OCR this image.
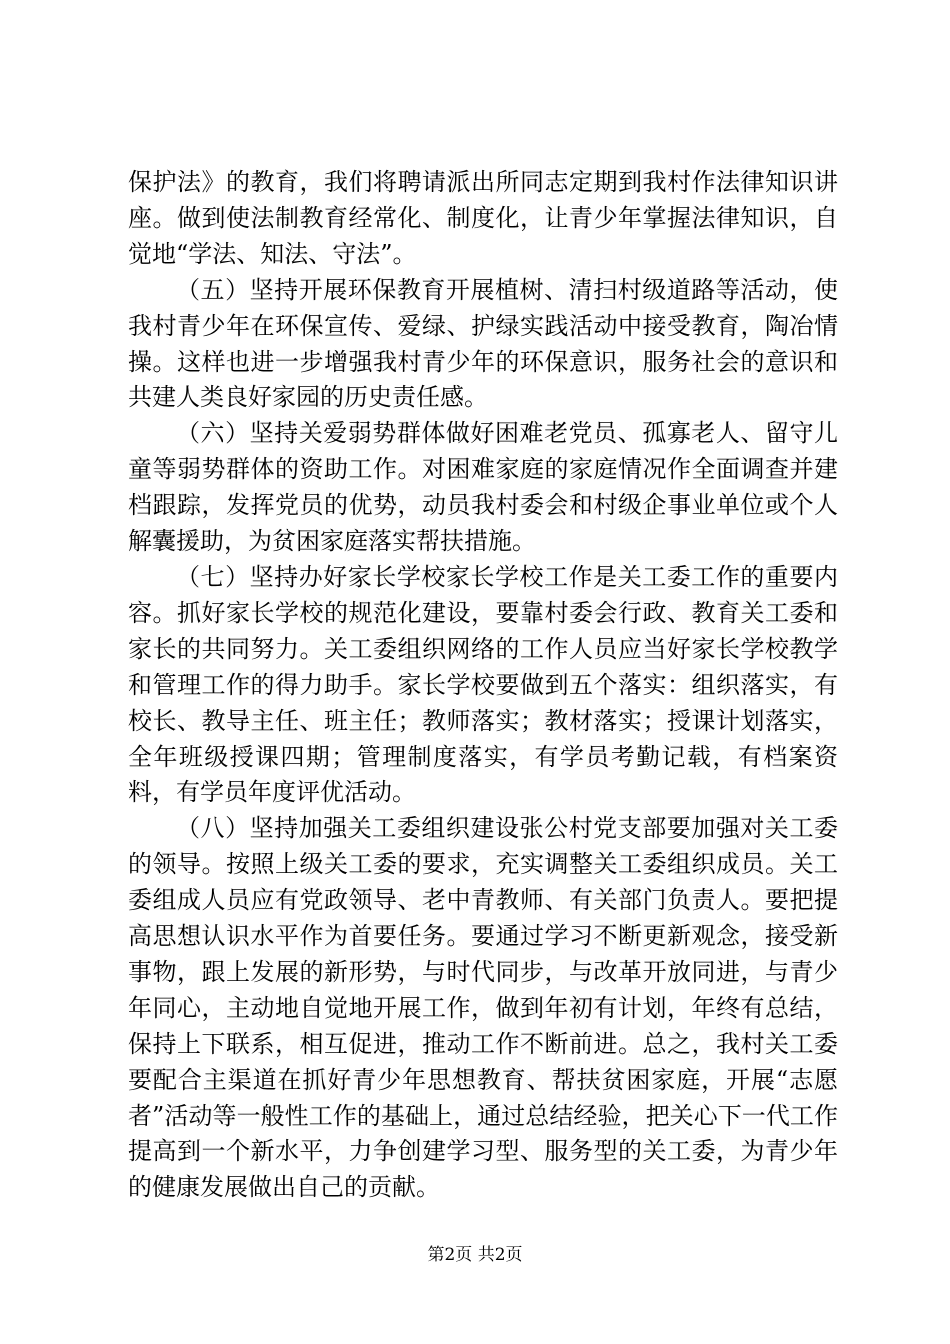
保护法》的教育，我们将聘请派出所同志定期到我村作法律知识讲座。做到使法制教育经常化、制度化，让青少年掌握法律知识，自觉地“学法、知法、守法”。

（五）坚持开展环保教育开展植树、清扫村级道路等活动，使我村青少年在环保宣传、爱绿、护绿实践活动中接受教育，陶冶情操。这样也进一步增强我村青少年的环保意识，服务社会的意识和共建人类良好家园的历史责任感。

（六）坚持关爱弱势群体做好困难老党员、孤寡老人、留守儿童等弱势群体的资助工作。对困难家庭的家庭情况作全面调查并建档跟踪，发挥党员的优势，动员我村委会和村级企事业单位或个人解囊援助，为贫困家庭落实帮扶措施。

（七）坚持办好家长学校家长学校工作是关工委工作的重要内容。抓好家长学校的规范化建设，要靠村委会行政、教育关工委和家长的共同努力。关工委组织网络的工作人员应当好家长学校教学和管理工作的得力助手。家长学校要做到五个落实：组织落实，有校长、教导主任、班主任；教师落实；教材落实；授课计划落实，全年班级授课四期；管理制度落实，有学员考勤记载，有档案资料，有学员年度评优活动。

（八）坚持加强关工委组织建设张公村党支部要加强对关工委的领导。按照上级关工委的要求，充实调整关工委组织成员。关工委组成人员应有党政领导、老中青教师、有关部门负责人。要把提高思想认识水平作为首要任务。要通过学习不断更新观念，接受新事物，跟上发展的新形势，与时代同步，与改革开放同进，与青少年同心，主动地自觉地开展工作，做到年初有计划，年终有总结，保持上下联系，相互促进，推动工作不断前进。总之，我村关工委要配合主渠道在抓好青少年思想教育、帮扶贫困家庭，开展“志愿者”活动等一般性工作的基础上，通过总结经验，把关心下一代工作提高到一个新水平，力争创建学习型、服务型的关工委，为青少年的健康发展做出自己的贡献。

第2页 共2页
